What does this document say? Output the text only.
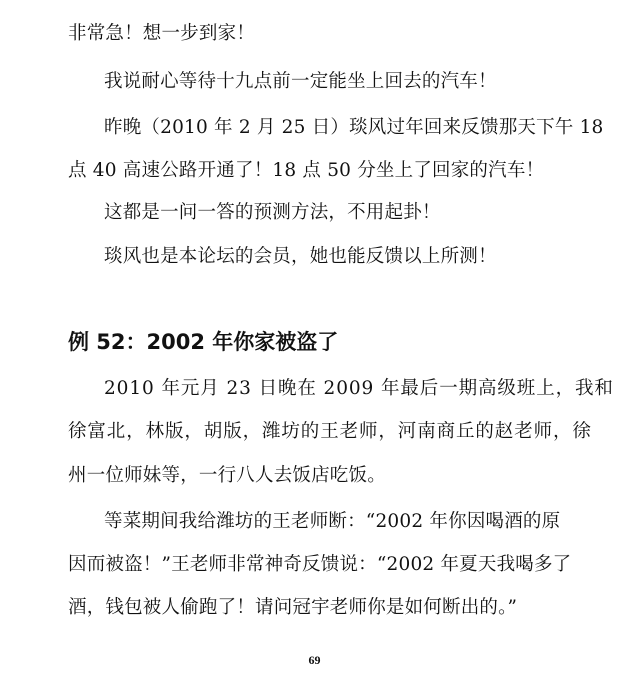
非常急！想一步到家！
我说耐心等待十九点前一定能坐上回去的汽车！
昨晚（2010 年 2 月 25 日）琰风过年回来反馈那天下午 18
点 40 高速公路开通了！18 点 50 分坐上了回家的汽车！
这都是一问一答的预测方法，不用起卦！
琰风也是本论坛的会员，她也能反馈以上所测！
例 52：2002 年你家被盗了
2010 年元月 23 日晚在 2009 年最后一期高级班上，我和
徐富北，林版，胡版，潍坊的王老师，河南商丘的赵老师，徐
州一位师妹等，一行八人去饭店吃饭。
等菜期间我给潍坊的王老师断：“2002 年你因喝酒的原
因而被盗！”王老师非常神奇反馈说：“2002 年夏天我喝多了
酒，钱包被人偷跑了！请问冠宇老师你是如何断出的。”
69
